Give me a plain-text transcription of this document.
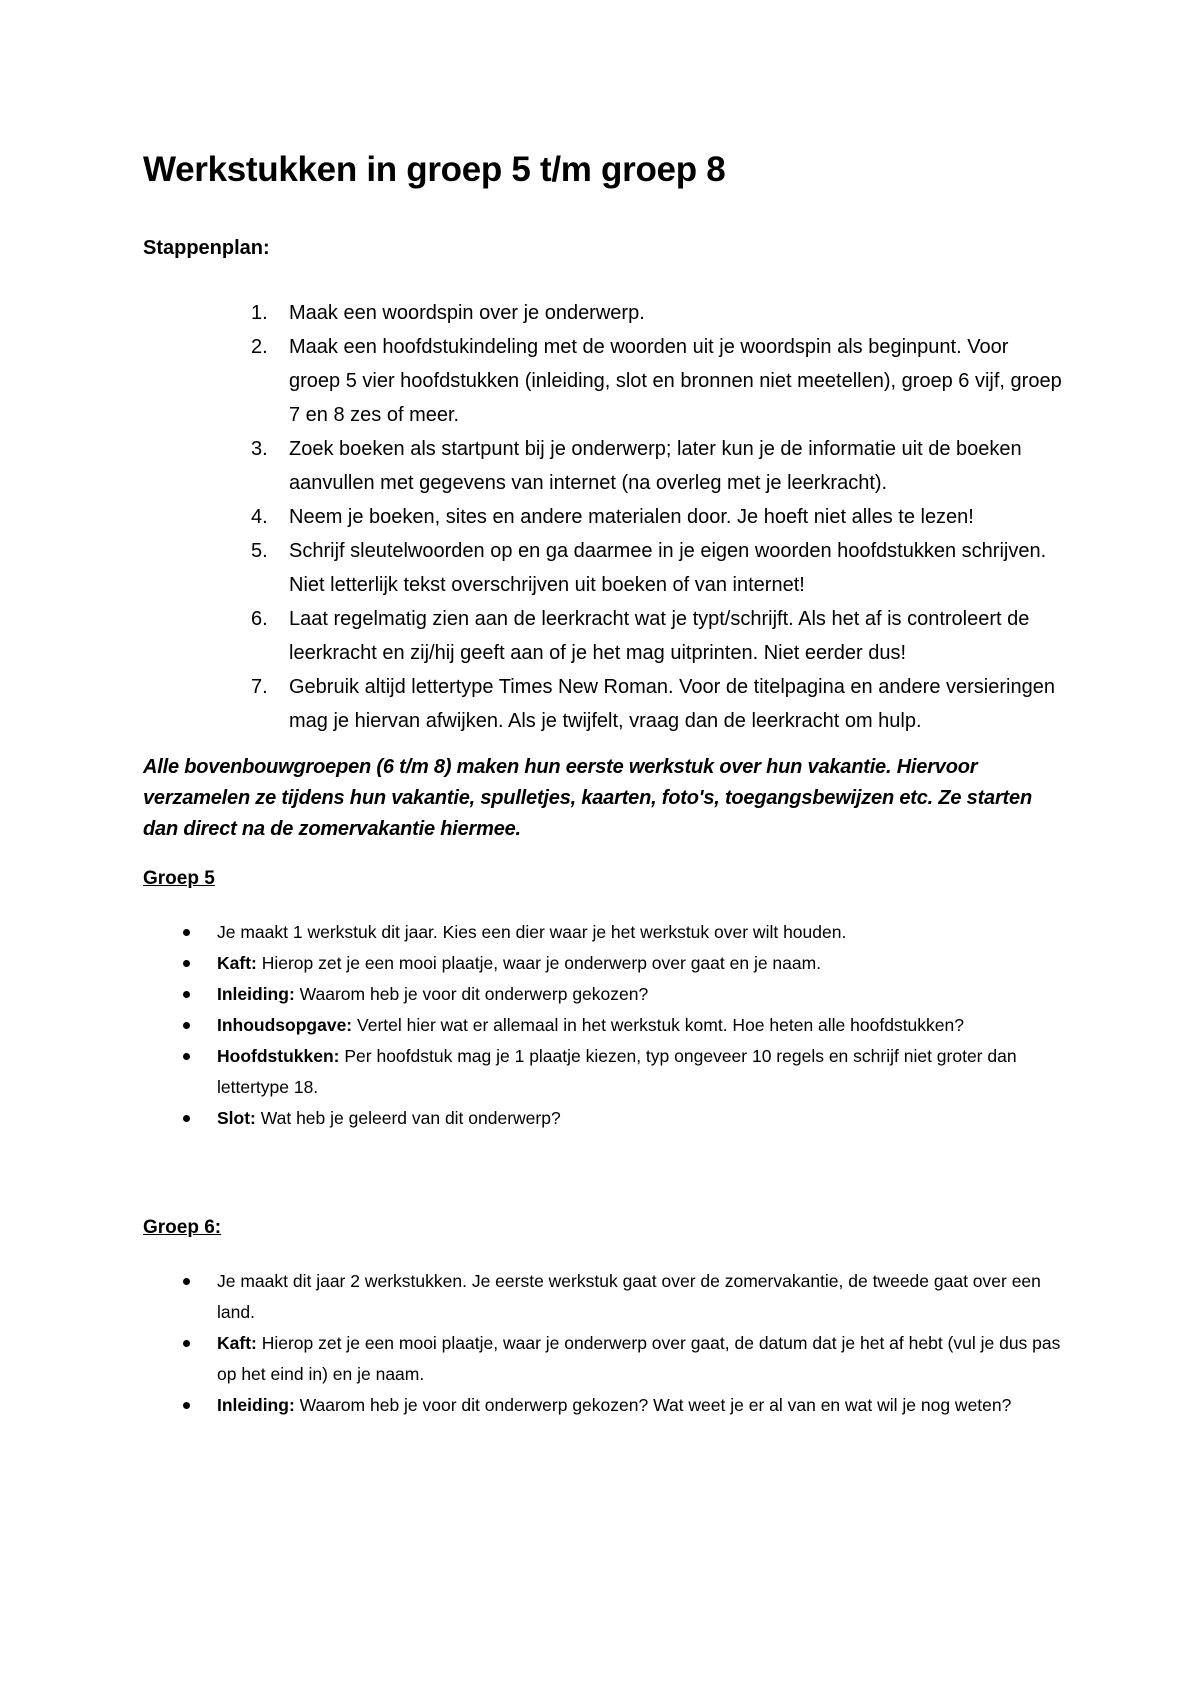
Werkstukken in groep 5 t/m groep 8

Stappenplan:

1. Maak een woordspin over je onderwerp.
2. Maak een hoofdstukindeling met de woorden uit je woordspin als beginpunt. Voor groep 5 vier hoofdstukken (inleiding, slot en bronnen niet meetellen), groep 6 vijf, groep 7 en 8 zes of meer.
3. Zoek boeken als startpunt bij je onderwerp; later kun je de informatie uit de boeken aanvullen met gegevens van internet (na overleg met je leerkracht).
4. Neem je boeken, sites en andere materialen door. Je hoeft niet alles te lezen!
5. Schrijf sleutelwoorden op en ga daarmee in je eigen woorden hoofdstukken schrijven. Niet letterlijk tekst overschrijven uit boeken of van internet!
6. Laat regelmatig zien aan de leerkracht wat je typt/schrijft. Als het af is controleert de leerkracht en zij/hij geeft aan of je het mag uitprinten. Niet eerder dus!
7. Gebruik altijd lettertype Times New Roman. Voor de titelpagina en andere versieringen mag je hiervan afwijken. Als je twijfelt, vraag dan de leerkracht om hulp.

Alle bovenbouwgroepen (6 t/m 8) maken hun eerste werkstuk over hun vakantie. Hiervoor verzamelen ze tijdens hun vakantie, spulletjes, kaarten, foto's, toegangsbewijzen etc. Ze starten dan direct na de zomervakantie hiermee.

Groep 5

Je maakt 1 werkstuk dit jaar. Kies een dier waar je het werkstuk over wilt houden.
Kaft: Hierop zet je een mooi plaatje, waar je onderwerp over gaat en je naam.
Inleiding: Waarom heb je voor dit onderwerp gekozen?
Inhoudsopgave: Vertel hier wat er allemaal in het werkstuk komt. Hoe heten alle hoofdstukken?
Hoofdstukken: Per hoofdstuk mag je 1 plaatje kiezen, typ ongeveer 10 regels en schrijf niet groter dan lettertype 18.
Slot: Wat heb je geleerd van dit onderwerp?

Groep 6:

Je maakt dit jaar 2 werkstukken. Je eerste werkstuk gaat over de zomervakantie, de tweede gaat over een land.
Kaft: Hierop zet je een mooi plaatje, waar je onderwerp over gaat, de datum dat je het af hebt (vul je dus pas op het eind in) en je naam.
Inleiding: Waarom heb je voor dit onderwerp gekozen? Wat weet je er al van en wat wil je nog weten?
